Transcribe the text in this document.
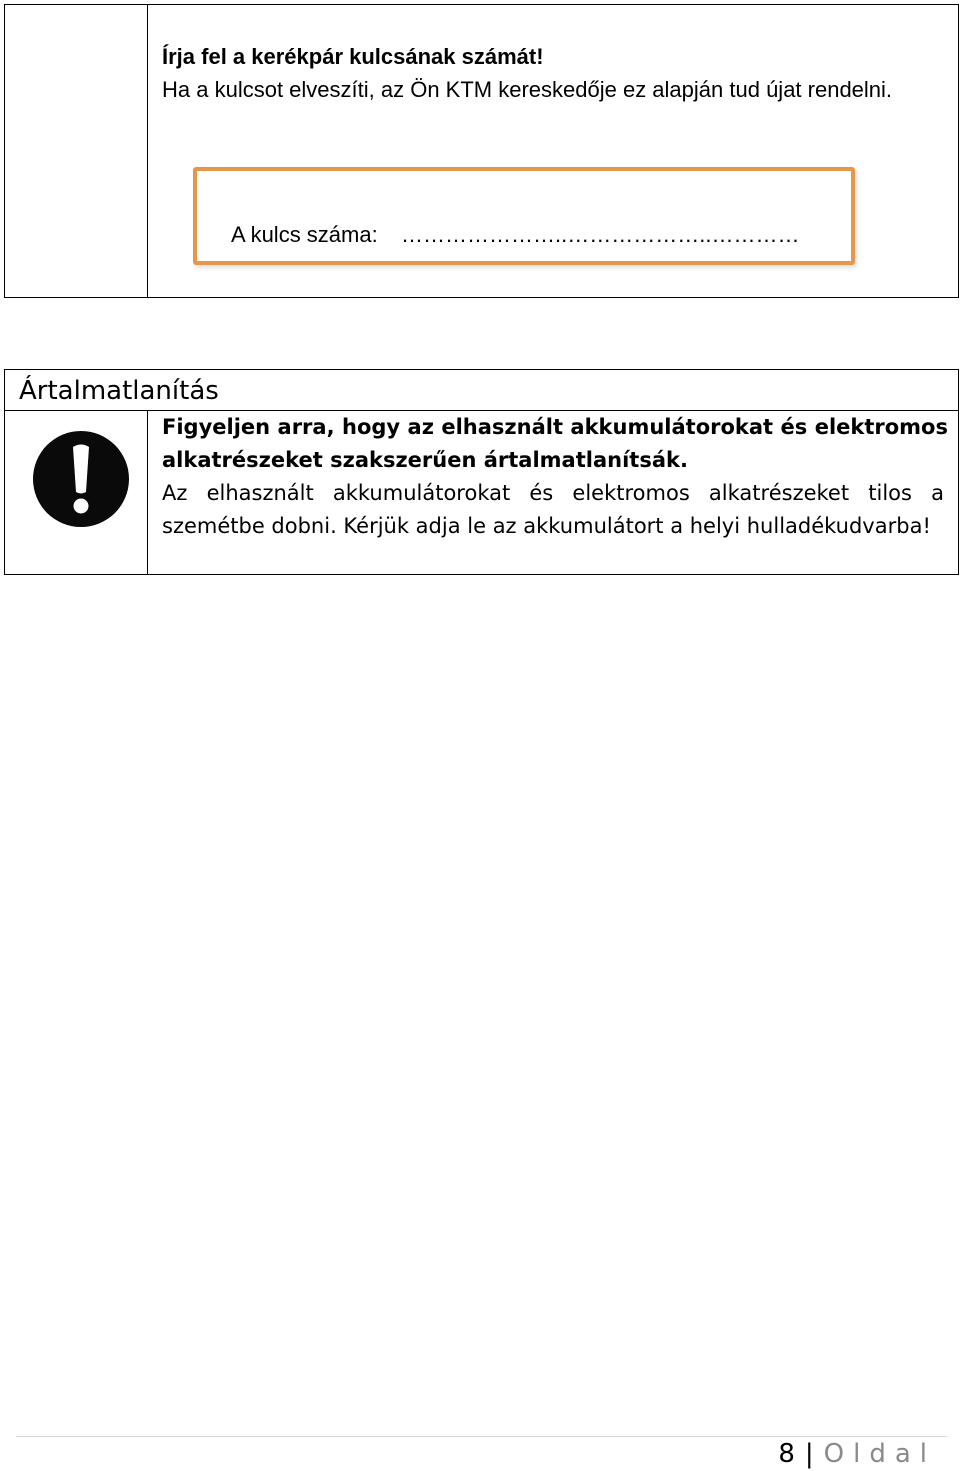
Írja fel a kerékpár kulcsának számát!
Ha a kulcsot elveszíti, az Ön KTM kereskedője ez alapján tud újat rendelni.
A kulcs száma: …………………..………………..…………
Ártalmatlanítás
Figyeljen arra, hogy az elhasznált akkumulátorokat és elektromos alkatrészeket szakszerűen ártalmatlanítsák.
Az elhasznált akkumulátorokat és elektromos alkatrészeket tilos a szemétbe dobni. Kérjük adja le az akkumulátort a helyi hulladékudvarba!
8 | Oldal
